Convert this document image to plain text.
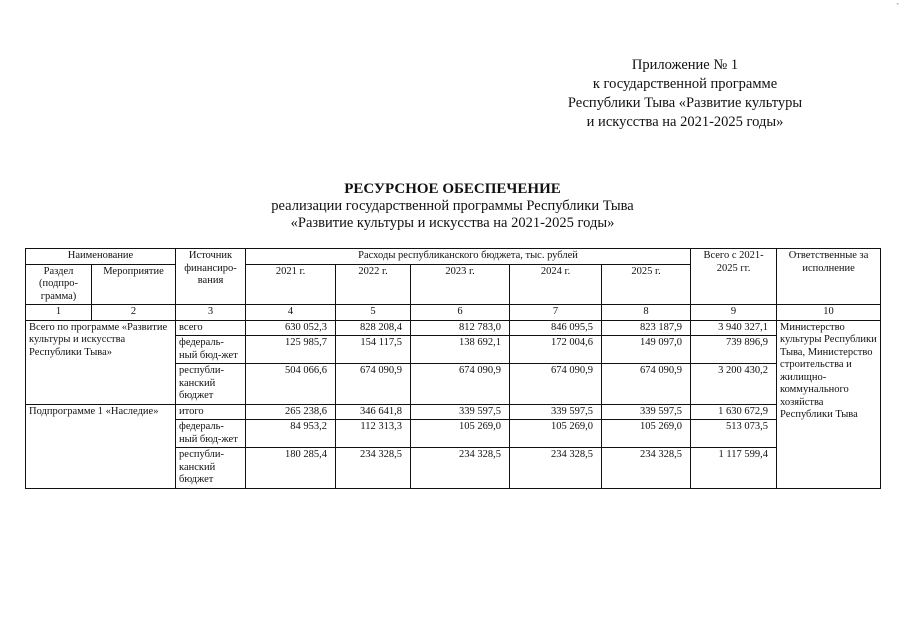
ˆ
Приложение № 1
к государственной программе
Республики Тыва «Развитие культуры
и искусства на 2021-2025 годы»
РЕСУРСНОЕ ОБЕСПЕЧЕНИЕ
реализации государственной программы Республики Тыва
«Развитие культуры и искусства на 2021-2025 годы»
Наименование		Источник финансиро-вания	Расходы республиканского бюджета, тыс. рублей					Всего с 2021-2025 гг.	Ответственные за исполнение
Раздел (подпро-грамма)	Мероприятие		2021 г.	2022 г.	2023 г.	2024 г.	2025 г.		
1	2	3	4	5	6	7	8	9	10
Всего по программе «Развитие культуры и искусства Республики Тыва»		всего	630 052,3	828 208,4	812 783,0	846 095,5	823 187,9	3 940 327,1	Министерство культуры Республики Тыва, Министерство строительства и жилищно-коммунального хозяйства Республики Тыва
		федераль-ный бюд-жет	125 985,7	154 117,5	138 692,1	172 004,6	149 097,0	739 896,9	
		республи-канский бюджет	504 066,6	674 090,9	674 090,9	674 090,9	674 090,9	3 200 430,2	
Подпрограмме 1 «Наследие»		итого	265 238,6	346 641,8	339 597,5	339 597,5	339 597,5	1 630 672,9	
		федераль-ный бюд-жет	84 953,2	112 313,3	105 269,0	105 269,0	105 269,0	513 073,5	
		республи-канский бюджет	180 285,4	234 328,5	234 328,5	234 328,5	234 328,5	1 117 599,4	
